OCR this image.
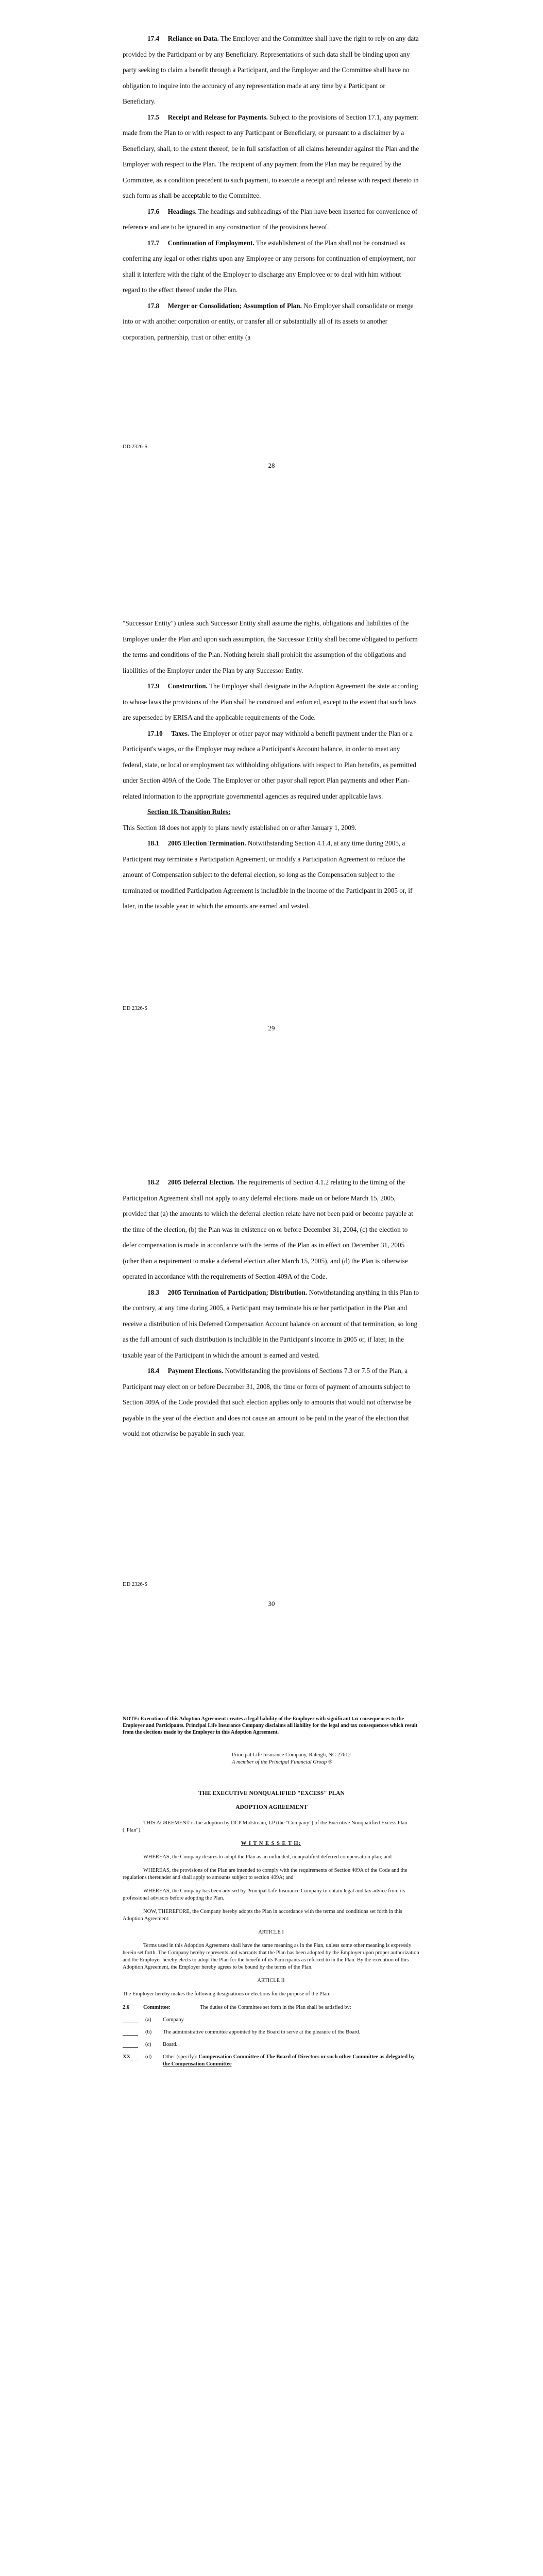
17.4 Reliance on Data. The Employer and the Committee shall have the right to rely on any data provided by the Participant or by any Beneficiary. Representations of such data shall be binding upon any party seeking to claim a benefit through a Participant, and the Employer and the Committee shall have no obligation to inquire into the accuracy of any representation made at any time by a Participant or Beneficiary.

17.5 Receipt and Release for Payments. Subject to the provisions of Section 17.1, any payment made from the Plan to or with respect to any Participant or Beneficiary, or pursuant to a disclaimer by a Beneficiary, shall, to the extent thereof, be in full satisfaction of all claims hereunder against the Plan and the Employer with respect to the Plan. The recipient of any payment from the Plan may be required by the Committee, as a condition precedent to such payment, to execute a receipt and release with respect thereto in such form as shall be acceptable to the Committee.

17.6 Headings. The headings and subheadings of the Plan have been inserted for convenience of reference and are to be ignored in any construction of the provisions hereof.

17.7 Continuation of Employment. The establishment of the Plan shall not be construed as conferring any legal or other rights upon any Employee or any persons for continuation of employment, nor shall it interfere with the right of the Employer to discharge any Employee or to deal with him without regard to the effect thereof under the Plan.

17.8 Merger or Consolidation; Assumption of Plan. No Employer shall consolidate or merge into or with another corporation or entity, or transfer all or substantially all of its assets to another corporation, partnership, trust or other entity (a

DD 2326-S
28

"Successor Entity") unless such Successor Entity shall assume the rights, obligations and liabilities of the Employer under the Plan and upon such assumption, the Successor Entity shall become obligated to perform the terms and conditions of the Plan. Nothing herein shall prohibit the assumption of the obligations and liabilities of the Employer under the Plan by any Successor Entity.

17.9 Construction. The Employer shall designate in the Adoption Agreement the state according to whose laws the provisions of the Plan shall be construed and enforced, except to the extent that such laws are superseded by ERISA and the applicable requirements of the Code.

17.10 Taxes. The Employer or other payor may withhold a benefit payment under the Plan or a Participant's wages, or the Employer may reduce a Participant's Account balance, in order to meet any federal, state, or local or employment tax withholding obligations with respect to Plan benefits, as permitted under Section 409A of the Code. The Employer or other payor shall report Plan payments and other Plan-related information to the appropriate governmental agencies as required under applicable laws.

Section 18. Transition Rules:

This Section 18 does not apply to plans newly established on or after January 1, 2009.

18.1 2005 Election Termination. Notwithstanding Section 4.1.4, at any time during 2005, a Participant may terminate a Participation Agreement, or modify a Participation Agreement to reduce the amount of Compensation subject to the deferral election, so long as the Compensation subject to the terminated or modified Participation Agreement is includible in the income of the Participant in 2005 or, if later, in the taxable year in which the amounts are earned and vested.

DD 2326-S
29

18.2 2005 Deferral Election. The requirements of Section 4.1.2 relating to the timing of the Participation Agreement shall not apply to any deferral elections made on or before March 15, 2005, provided that (a) the amounts to which the deferral election relate have not been paid or become payable at the time of the election, (b) the Plan was in existence on or before December 31, 2004, (c) the election to defer compensation is made in accordance with the terms of the Plan as in effect on December 31, 2005 (other than a requirement to make a deferral election after March 15, 2005), and (d) the Plan is otherwise operated in accordance with the requirements of Section 409A of the Code.

18.3 2005 Termination of Participation; Distribution. Notwithstanding anything in this Plan to the contrary, at any time during 2005, a Participant may terminate his or her participation in the Plan and receive a distribution of his Deferred Compensation Account balance on account of that termination, so long as the full amount of such distribution is includible in the Participant's income in 2005 or, if later, in the taxable year of the Participant in which the amount is earned and vested.

18.4 Payment Elections. Notwithstanding the provisions of Sections 7.3 or 7.5 of the Plan, a Participant may elect on or before December 31, 2008, the time or form of payment of amounts subject to Section 409A of the Code provided that such election applies only to amounts that would not otherwise be payable in the year of the election and does not cause an amount to be paid in the year of the election that would not otherwise be payable in such year.

DD 2326-S
30
NOTE: Execution of this Adoption Agreement creates a legal liability of the Employer with significant tax consequences to the Employer and Participants. Principal Life Insurance Company disclaims all liability for the legal and tax consequences which result from the elections made by the Employer in this Adoption Agreement.
Principal Life Insurance Company, Raleigh, NC 27612
A member of the Principal Financial Group ®
THE EXECUTIVE NONQUALIFIED "EXCESS" PLAN
ADOPTION AGREEMENT

THIS AGREEMENT is the adoption by DCP Midstream, LP (the "Company") of the Executive Nonqualified Excess Plan ("Plan").

W I T N E S S E T H:

WHEREAS, the Company desires to adopt the Plan as an unfunded, nonqualified deferred compensation plan; and

WHEREAS, the provisions of the Plan are intended to comply with the requirements of Section 409A of the Code and the regulations thereunder and shall apply to amounts subject to section 409A; and

WHEREAS, the Company has been advised by Principal Life Insurance Company to obtain legal and tax advice from its professional advisors before adopting the Plan.

NOW, THEREFORE, the Company hereby adopts the Plan in accordance with the terms and conditions set forth in this Adoption Agreement:

ARTICLE I

Terms used in this Adoption Agreement shall have the same meaning as in the Plan, unless some other meaning is expressly herein set forth. The Company hereby represents and warrants that the Plan has been adopted by the Employer upon proper authorization and the Employer hereby elects to adopt the Plan for the benefit of its Participants as referred to in the Plan. By the execution of this Adoption Agreement, the Employer hereby agrees to be bound by the terms of the Plan.

ARTICLE II

The Employer hereby makes the following designations or elections for the purpose of the Plan:

2.6	Committee:	The duties of the Committee set forth in the Plan shall be satisfied by:
(a)	Company
(b)	The administrative committee appointed by the Board to serve at the pleasure of the Board.
(c)	Board.
XX	(d)	Other (specify): Compensation Committee of The Board of Directors or such other Committee as delegated by the Compensation Committee
